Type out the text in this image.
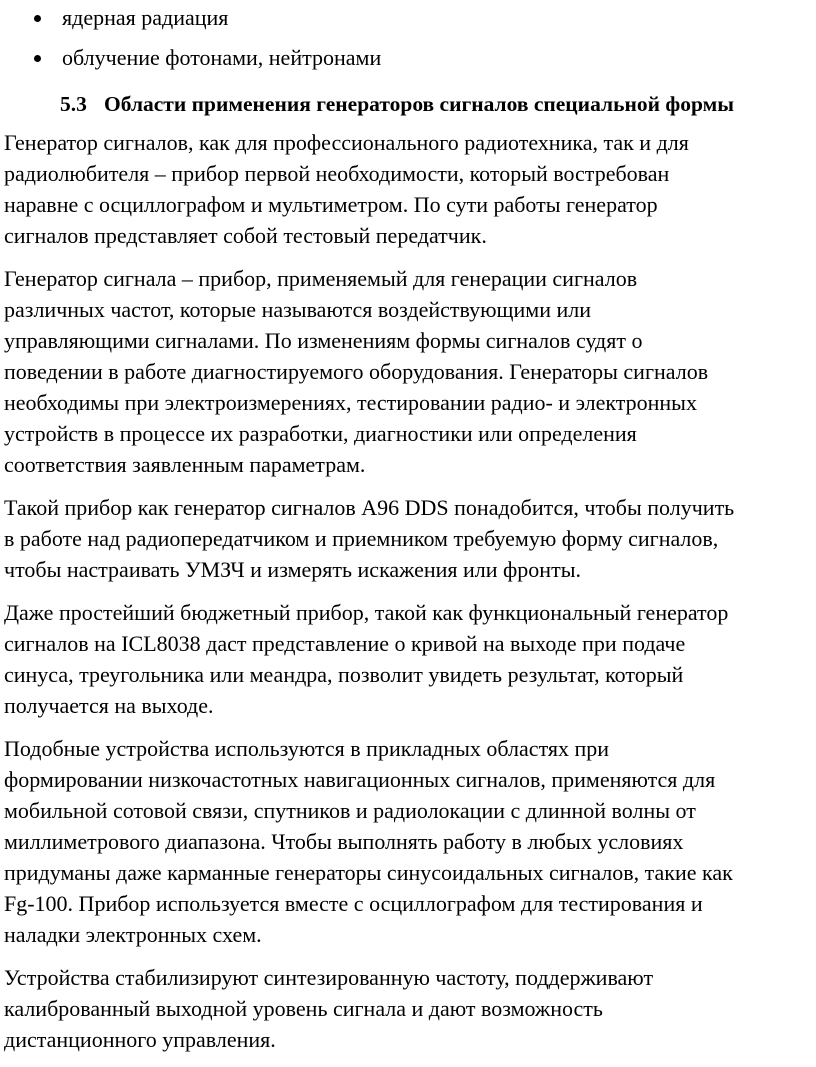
ядерная радиация
облучение фотонами, нейтронами
5.3 Области применения генераторов сигналов специальной формы

Генератор сигналов, как для профессионального радиотехника, так и для
радиолюбителя – прибор первой необходимости, который востребован
наравне с осциллографом и мультиметром. По сути работы генератор
сигналов представляет собой тестовый передатчик.

Генератор сигнала – прибор, применяемый для генерации сигналов
различных частот, которые называются воздействующими или
управляющими сигналами. По изменениям формы сигналов судят о
поведении в работе диагностируемого оборудования. Генераторы сигналов
необходимы при электроизмерениях, тестировании радио- и электронных
устройств в процессе их разработки, диагностики или определения
соответствия заявленным параметрам.

Такой прибор как генератор сигналов A96 DDS понадобится, чтобы получить
в работе над радиопередатчиком и приемником требуемую форму сигналов,
чтобы настраивать УМЗЧ и измерять искажения или фронты.

Даже простейший бюджетный прибор, такой как функциональный генератор
сигналов на ICL8038 даст представление о кривой на выходе при подаче
синуса, треугольника или меандра, позволит увидеть результат, который
получается на выходе.

Подобные устройства используются в прикладных областях при
формировании низкочастотных навигационных сигналов, применяются для
мобильной сотовой связи, спутников и радиолокации с длинной волны от
миллиметрового диапазона. Чтобы выполнять работу в любых условиях
придуманы даже карманные генераторы синусоидальных сигналов, такие как
Fg-100. Прибор используется вместе с осциллографом для тестирования и
наладки электронных схем.

Устройства стабилизируют синтезированную частоту, поддерживают
калиброванный выходной уровень сигнала и дают возможность
дистанционного управления.
